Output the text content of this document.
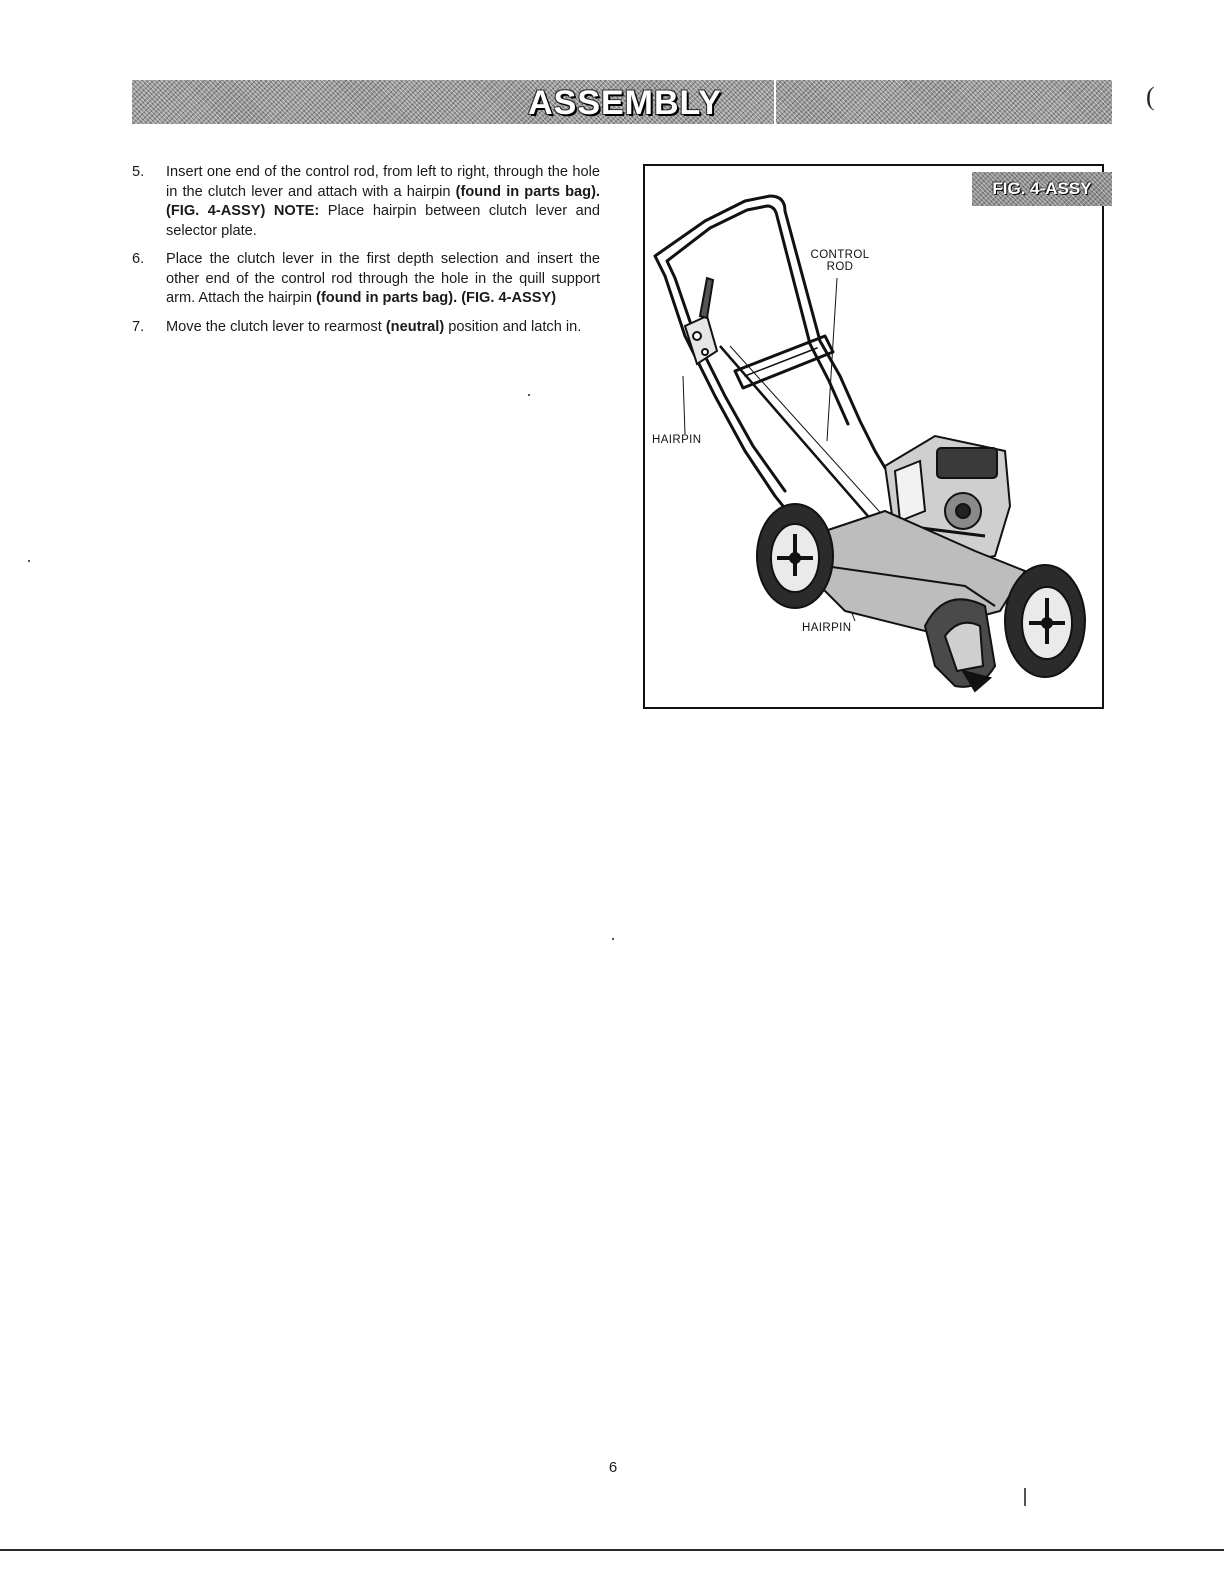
ASSEMBLY	(
5.	Insert one end of the control rod, from left to right, through the hole in the clutch lever and attach with a hairpin (found in parts bag). (FIG. 4-ASSY) NOTE: Place hairpin between clutch lever and selector plate.
6.	Place the clutch lever in the first depth selection and insert the other end of the control rod through the hole in the quill support arm. Attach the hairpin (found in parts bag). (FIG. 4-ASSY)
7.	Move the clutch lever to rearmost (neutral) position and latch in.
FIG. 4-ASSY
CONTROL
ROD
HAIRPIN
HAIRPIN
6
